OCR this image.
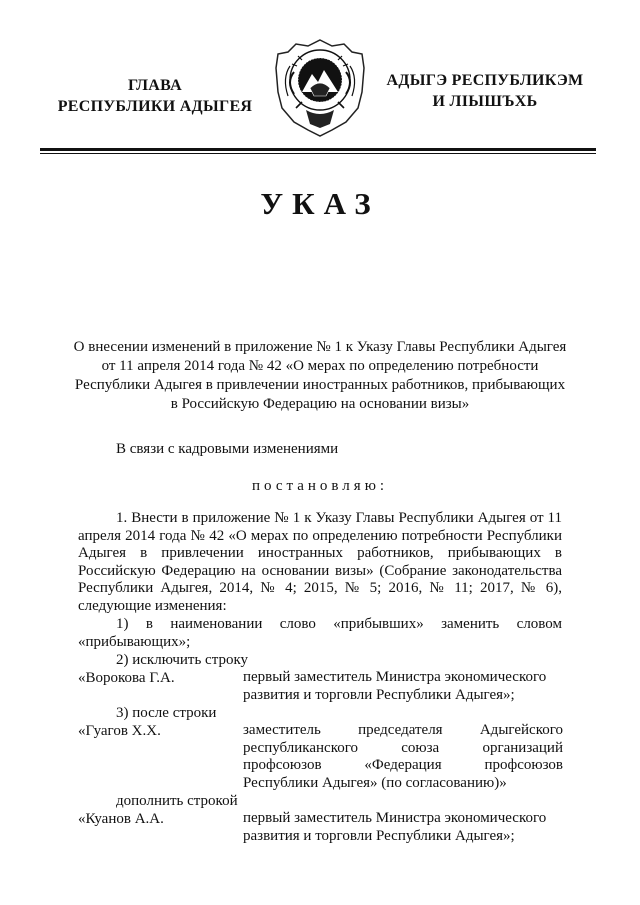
ГЛАВА
РЕСПУБЛИКИ АДЫГЕЯ
АДЫГЭ РЕСПУБЛИКЭМ
И ЛІЫШЪХЬ
УКАЗ
О внесении изменений в приложение № 1 к Указу Главы Республики Адыгея от 11 апреля 2014 года № 42 «О мерах по определению потребности Республики Адыгея в привлечении иностранных работников, прибывающих в Российскую Федерацию на основании визы»
В связи с кадровыми изменениями
постановляю:
1. Внести в приложение № 1 к Указу Главы Республики Адыгея от 11 апреля 2014 года № 42 «О мерах по определению потребности Республики Адыгея в привлечении иностранных работников, прибывающих в Российскую Федерацию на основании визы» (Собрание законодательства Республики Адыгея, 2014, № 4; 2015, № 5; 2016, № 11; 2017, № 6), следующие изменения:
1) в наименовании слово «прибывших» заменить словом «прибывающих»;
2) исключить строку
«Ворокова Г.А.	первый заместитель Министра экономического развития и торговли Республики Адыгея»;
3) после строки
«Гуагов Х.Х.	заместитель председателя Адыгейского республиканского союза организаций профсоюзов «Федерация профсоюзов Республики Адыгея» (по согласованию)»
дополнить строкой
«Куанов А.А.	первый заместитель Министра экономического развития и торговли Республики Адыгея»;
